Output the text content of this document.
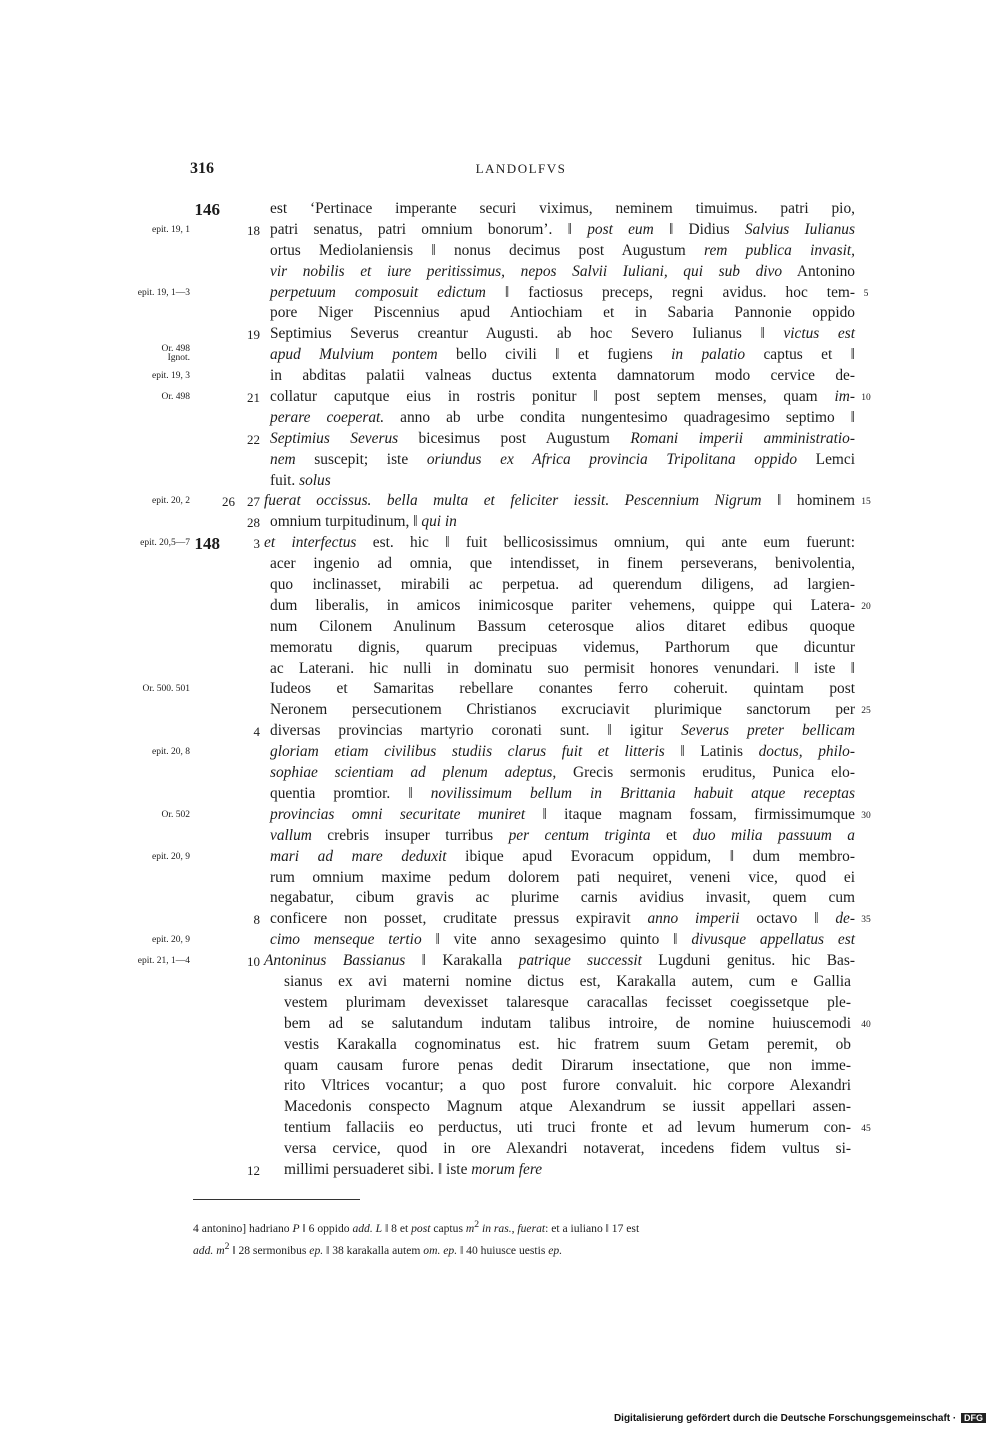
316	LANDOLFVS
146	est ‘Pertinace imperante securi viximus, neminem timuimus. patri pio,
epit. 19, 1	18 patri senatus, patri omnium bonorum’. ‖ post eum ‖ Didius Salvius Iulianus
ortus Mediolaniensis ‖ nonus decimus post Augustum rem publica invasit,
vir nobilis et iure peritissimus, nepos Salvii Iuliani, qui sub divo Antonino
epit. 19, 1—3	perpetuum composuit edictum ‖ factiosus preceps, regni avidus. hoc tem- 5
pore Niger Piscennius apud Antiochiam et in Sabaria Pannonie oppido
19 Septimius Severus creantur Augusti. ab hoc Severo Iulianus ‖ victus est
Or. 498
Ignot.	apud Mulvium pontem bello civili ‖ et fugiens in palatio captus et ‖
epit. 19, 3	in abditas palatii valneas ductus extenta damnatorum modo cervice de-
Or. 498	21 collatur caputque eius in rostris ponitur ‖ post septem menses, quam im- 10
perare coeperat. anno ab urbe condita nungentesimo quadragesimo septimo ‖
22 Septimius Severus bicesimus post Augustum Romani imperii amministratio-
nem suscepit; iste oriundus ex Africa provincia Tripolitana oppido Lemci
fuit. solus
epit. 20, 2	26 27 fuerat occissus. bella multa et feliciter iessit. Pescennium Nigrum ‖ hominem 15
28 omnium turpitudinum, ‖ qui in
epit. 20,5—7 148	3 et interfectus est. hic ‖ fuit bellicosissimus omnium, qui ante eum fuerunt:
acer ingenio ad omnia, que intendisset, in finem perseverans, benivolentia,
quo inclinasset, mirabili ac perpetua. ad querendum diligens, ad largien-
dum liberalis, in amicos inimicosque pariter vehemens, quippe qui Latera- 20
num Cilonem Anulinum Bassum ceterosque alios ditaret edibus quoque
memoratu dignis, quarum precipuas videmus, Parthorum que dicuntur
ac Laterani. hic nulli in dominatu suo permisit honores venundari. ‖ iste ‖
Or. 500. 501	Iudeos et Samaritas rebellare conantes ferro coheruit. quintam post
Neronem persecutionem Christianos excruciavit plurimique sanctorum per 25
4 diversas provincias martyrio coronati sunt. ‖ igitur Severus preter bellicam
epit. 20, 8	gloriam etiam civilibus studiis clarus fuit et litteris ‖ Latinis doctus, philo-
sophiae scientiam ad plenum adeptus, Grecis sermonis eruditus, Punica elo-
quentia promtior. ‖ novilissimum bellum in Brittania habuit atque receptas
Or. 502	provincias omni securitate muniret ‖ itaque magnam fossam, firmissimumque 30
vallum crebris insuper turribus per centum triginta et duo milia passuum a
epit. 20, 9	mari ad mare deduxit ibique apud Evoracum oppidum, ‖ dum membro-
rum omnium maxime pedum dolorem pati nequiret, veneni vice, quod ei
negabatur, cibum gravis ac plurime carnis avidius invasit, quem cum
8 conficere non posset, cruditate pressus expiravit anno imperii octavo ‖ de- 35
epit. 20, 9	cimo menseque tertio ‖ vite anno sexagesimo quinto ‖ divusque appellatus est
epit. 21, 1—4	10 Antoninus Bassianus ‖ Karakalla patrique successit Lugduni genitus. hic Bas-
sianus ex avi materni nomine dictus est, Karakalla autem, cum e Gallia
vestem plurimam devexisset talaresque caracallas fecisset coegissetque ple-
bem ad se salutandum indutam talibus introire, de nomine huiuscemodi	40
vestis Karakalla cognominatus est. hic fratrem suum Getam peremit, ob
quam causam furore penas dedit Dirarum insectatione, que non imme-
rito Vltrices vocantur; a quo post furore convaluit. hic corpore Alexandri
Macedonis conspecto Magnum atque Alexandrum se iussit appellari assen-
tentium fallaciis eo perductus, uti truci fronte et ad levum humerum con-	45
versa cervice, quod in ore Alexandri notaverat, incedens fidem vultus si-
12 millimi persuaderet sibi. ‖ iste morum fere
4 antonino] hadriano P ‖ 6 oppido add. L ‖ 8 et post captus $m^2$ in ras., fuerat: et a iuliano ‖ 17 est
add. $m^2$ ‖ 28 sermonibus ep. ‖ 38 karakalla autem om. ep. ‖ 40 huiusce uestis ep.
Digitalisierung gefördert durch die Deutsche Forschungsgemeinschaft · DFG
